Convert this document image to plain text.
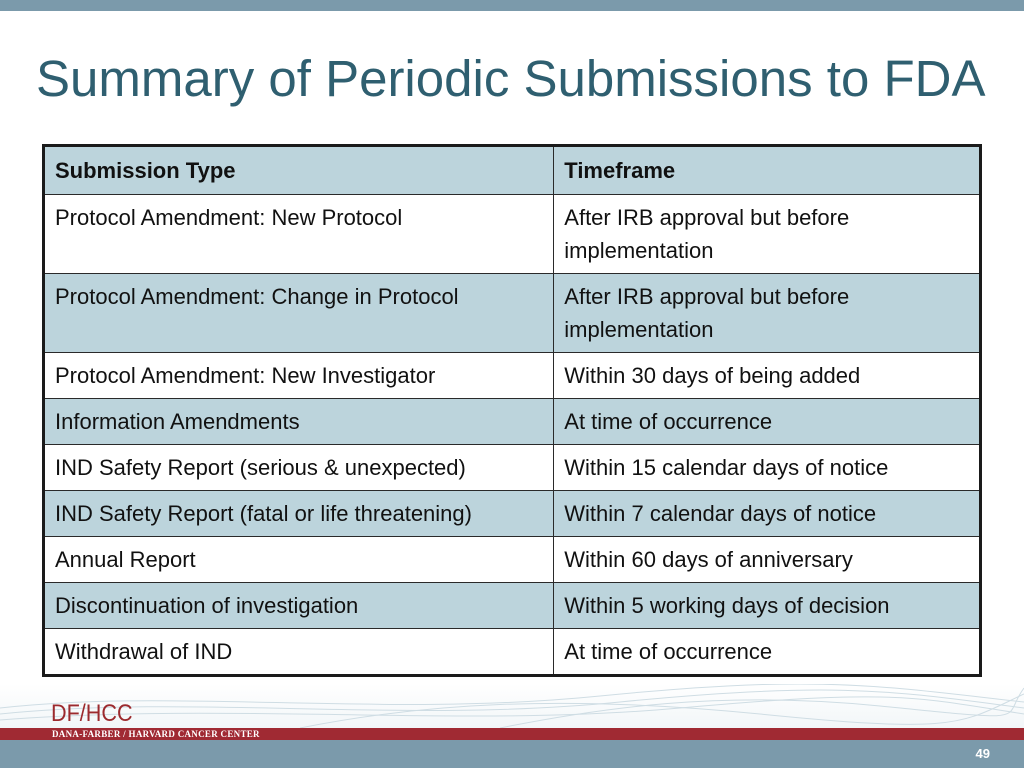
Summary of Periodic Submissions to FDA
Submission Type	Timeframe
Protocol Amendment: New Protocol	After IRB approval but before implementation
Protocol Amendment: Change in Protocol	After IRB approval but before implementation
Protocol Amendment: New Investigator	Within 30 days of being added
Information Amendments	At time of occurrence
IND Safety Report (serious & unexpected)	Within 15 calendar days of notice
IND Safety Report (fatal or life threatening)	Within 7 calendar days of notice
Annual Report	Within 60 days of anniversary
Discontinuation of investigation	Within 5 working days of decision
Withdrawal of IND	At time of occurrence
DF/HCC
DANA-FARBER / HARVARD CANCER CENTER
49
